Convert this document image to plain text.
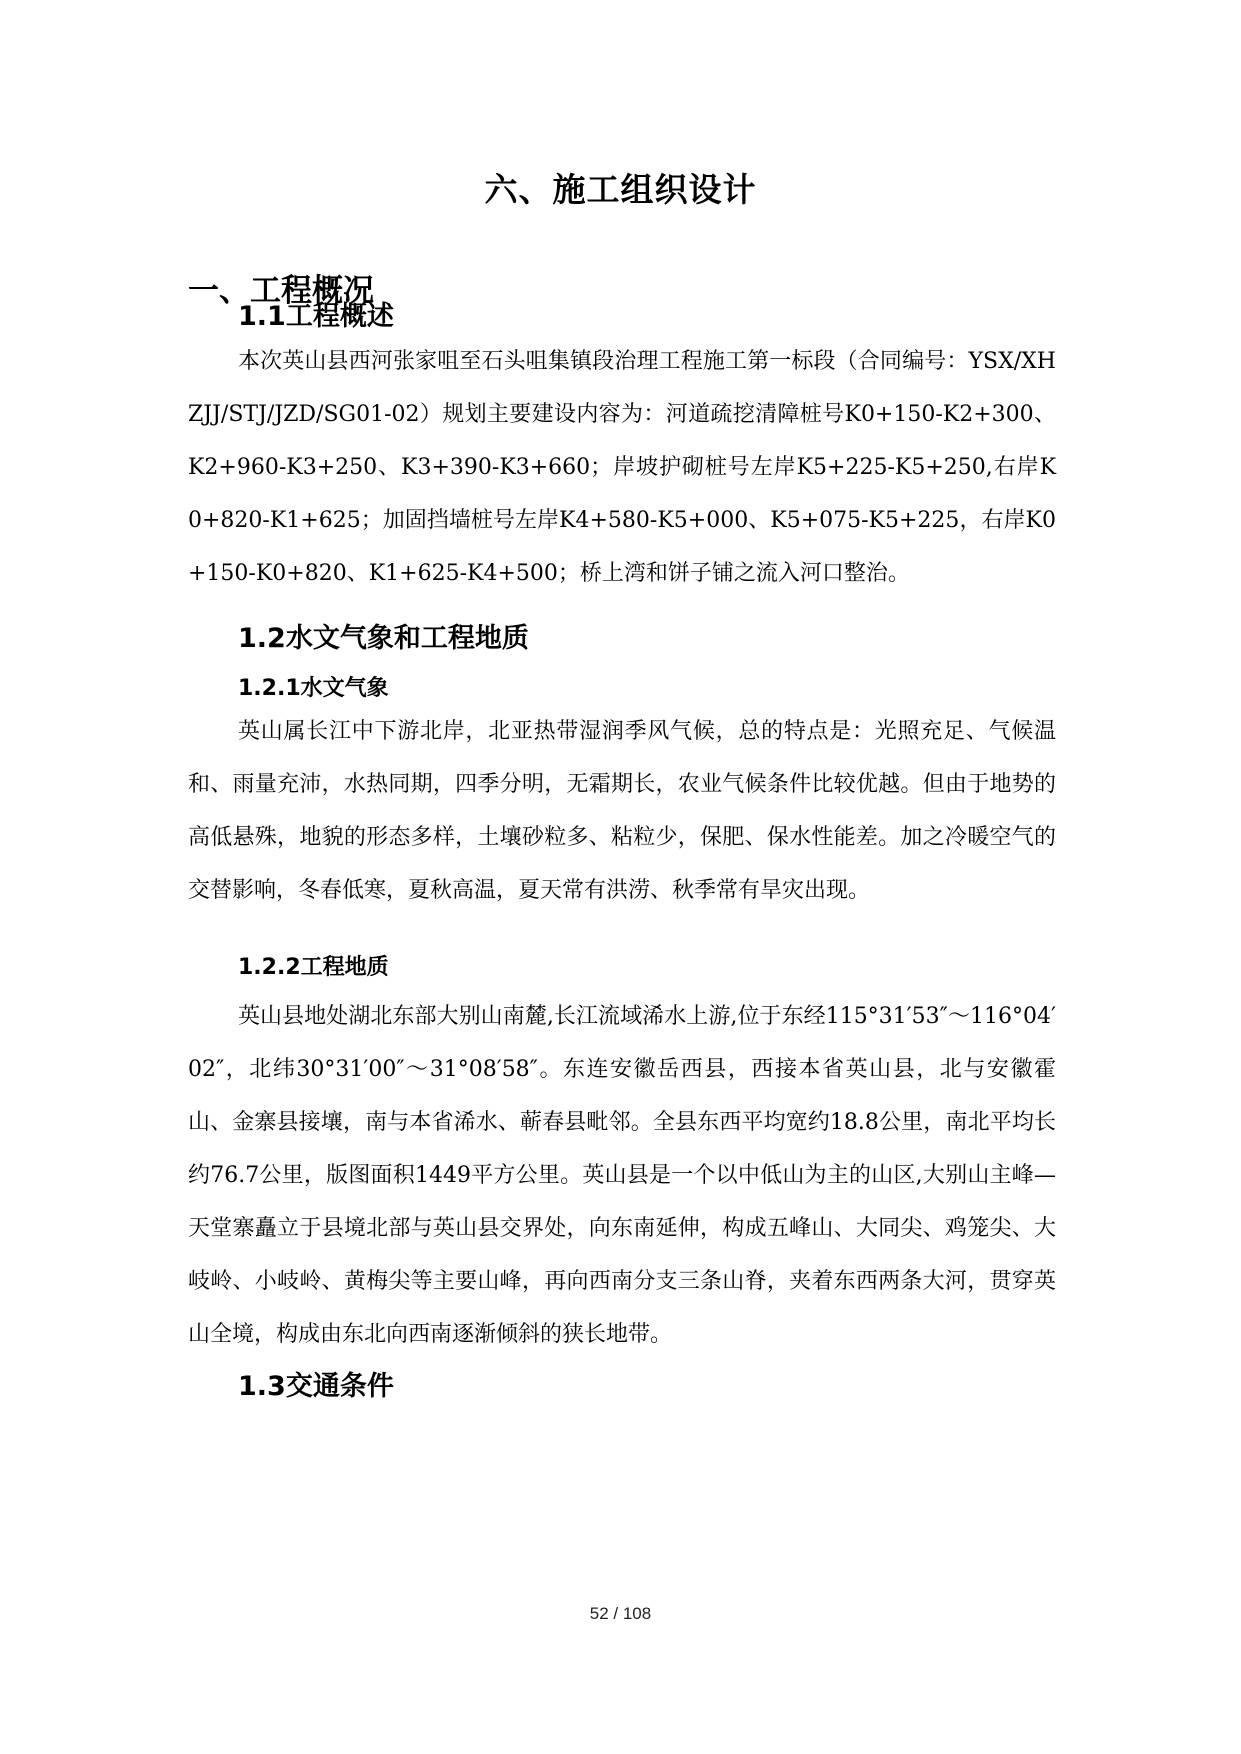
六、施工组织设计
一、工程概况
1.1工程概述

本次英山县西河张家咀至石头咀集镇段治理工程施工第一标段（合同编号：YSX/XHZJJ/STJ/JZD/SG01-02）规划主要建设内容为：河道疏挖清障桩号K0+150-K2+300、K2+960-K3+250、K3+390-K3+660；岸坡护砌桩号左岸K5+225-K5+250,右岸K0+820-K1+625；加固挡墙桩号左岸K4+580-K5+000、K5+075-K5+225，右岸K0+150-K0+820、K1+625-K4+500；桥上湾和饼子铺之流入河口整治。

1.2水文气象和工程地质
1.2.1水文气象

英山属长江中下游北岸，北亚热带湿润季风气候，总的特点是：光照充足、气候温和、雨量充沛，水热同期，四季分明，无霜期长，农业气候条件比较优越。但由于地势的高低悬殊，地貌的形态多样，土壤砂粒多、粘粒少，保肥、保水性能差。加之冷暖空气的交替影响，冬春低寒，夏秋高温，夏天常有洪涝、秋季常有旱灾出现。

1.2.2工程地质

英山县地处湖北东部大别山南麓,长江流域浠水上游,位于东经115°31′53″～116°04′02″，北纬30°31′00″～31°08′58″。东连安徽岳西县，西接本省英山县，北与安徽霍山、金寨县接壤，南与本省浠水、蕲春县毗邻。全县东西平均宽约18.8公里，南北平均长约76.7公里，版图面积1449平方公里。英山县是一个以中低山为主的山区,大别山主峰—天堂寨矗立于县境北部与英山县交界处，向东南延伸，构成五峰山、大同尖、鸡笼尖、大岐岭、小岐岭、黄梅尖等主要山峰，再向西南分支三条山脊，夹着东西两条大河，贯穿英山全境，构成由东北向西南逐渐倾斜的狭长地带。

1.3交通条件
52 / 108
